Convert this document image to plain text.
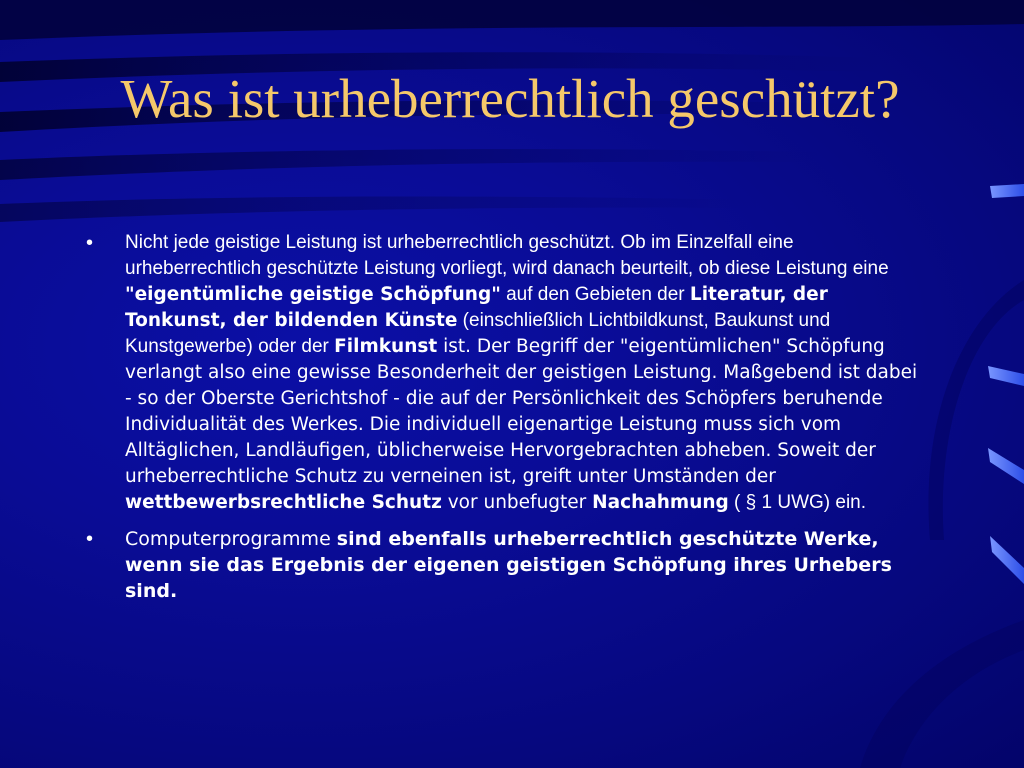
Was ist urheberrechtlich geschützt?
• Nicht jede geistige Leistung ist urheberrechtlich geschützt. Ob im Einzelfall eine urheberrechtlich geschützte Leistung vorliegt, wird danach beurteilt, ob diese Leistung eine "eigentümliche geistige Schöpfung" auf den Gebieten der Literatur, der Tonkunst, der bildenden Künste (einschließlich Lichtbildkunst, Baukunst und Kunstgewerbe) oder der Filmkunst ist. Der Begriff der "eigentümlichen" Schöpfung verlangt also eine gewisse Besonderheit der geistigen Leistung. Maßgebend ist dabei - so der Oberste Gerichtshof - die auf der Persönlichkeit des Schöpfers beruhende Individualität des Werkes. Die individuell eigenartige Leistung muss sich vom Alltäglichen, Landläufigen, üblicherweise Hervorgebrachten abheben. Soweit der urheberrechtliche Schutz zu verneinen ist, greift unter Umständen der wettbewerbsrechtliche Schutz vor unbefugter Nachahmung ( § 1 UWG) ein.
• Computerprogramme sind ebenfalls urheberrechtlich geschützte Werke, wenn sie das Ergebnis der eigenen geistigen Schöpfung ihres Urhebers sind.
